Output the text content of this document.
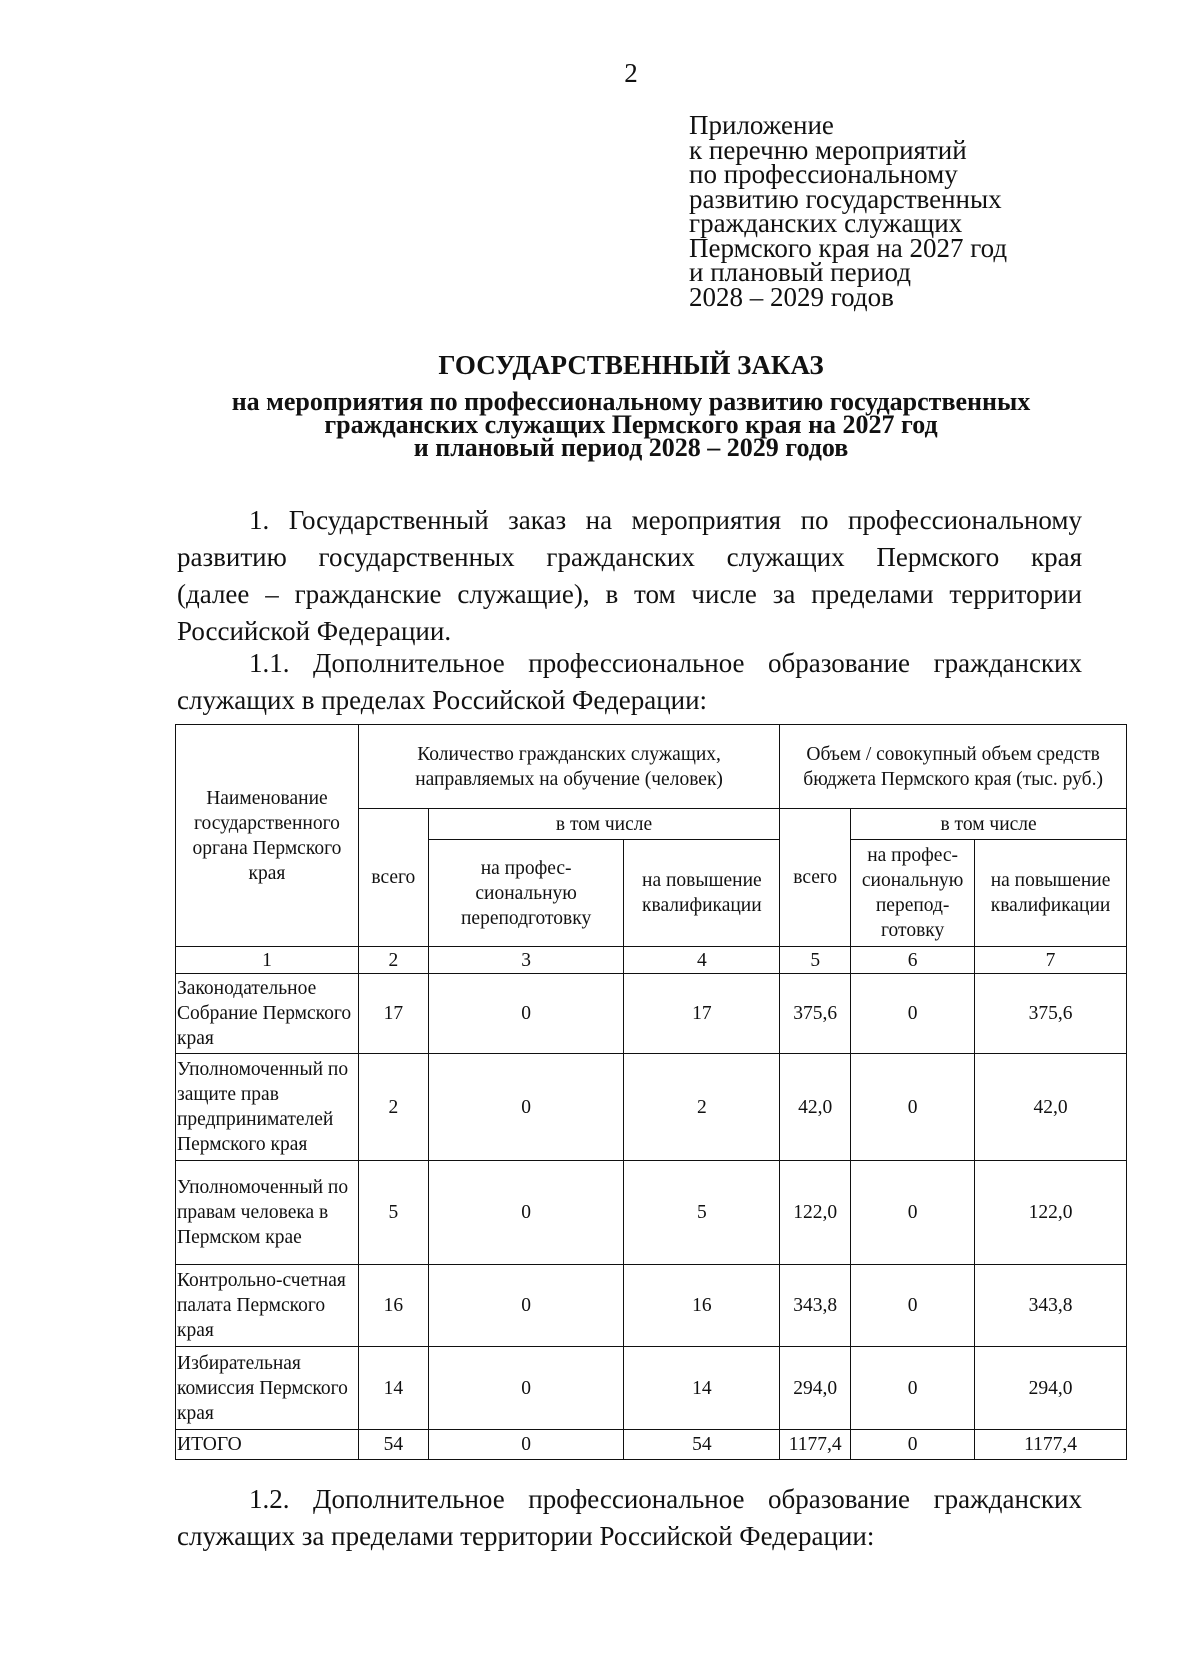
2
Приложение
к перечню мероприятий
по профессиональному
развитию государственных
гражданских служащих
Пермского края на 2027 год
и плановый период
2028 – 2029 годов
ГОСУДАРСТВЕННЫЙ ЗАКАЗ
на мероприятия по профессиональному развитию государственных
гражданских служащих Пермского края на 2027 год
и плановый период 2028 – 2029 годов
1. Государственный заказ на мероприятия по профессиональному
развитию государственных гражданских служащих Пермского края
(далее – гражданские служащие), в том числе за пределами территории
Российской Федерации.
1.1. Дополнительное профессиональное образование гражданских
служащих в пределах Российской Федерации:
Наименование государственного органа Пермского края	Количество гражданских служащих, направляемых на обучение (человек)			Объем / совокупный объем средств бюджета Пермского края (тыс. руб.)		
	всего	в том числе		всего	в том числе	
		на профес-сиональную переподготовку	на повышение квалификации		на профес-сиональную перепод-готовку	на повышение квалификации
1	2	3	4	5	6	7
Законодательное Собрание Пермского края	17	0	17	375,6	0	375,6
Уполномоченный по защите прав предпринимателей Пермского края	2	0	2	42,0	0	42,0
Уполномоченный по правам человека в Пермском крае	5	0	5	122,0	0	122,0
Контрольно-счетная палата Пермского края	16	0	16	343,8	0	343,8
Избирательная комиссия Пермского края	14	0	14	294,0	0	294,0
ИТОГО	54	0	54	1177,4	0	1177,4
1.2. Дополнительное профессиональное образование гражданских
служащих за пределами территории Российской Федерации:
